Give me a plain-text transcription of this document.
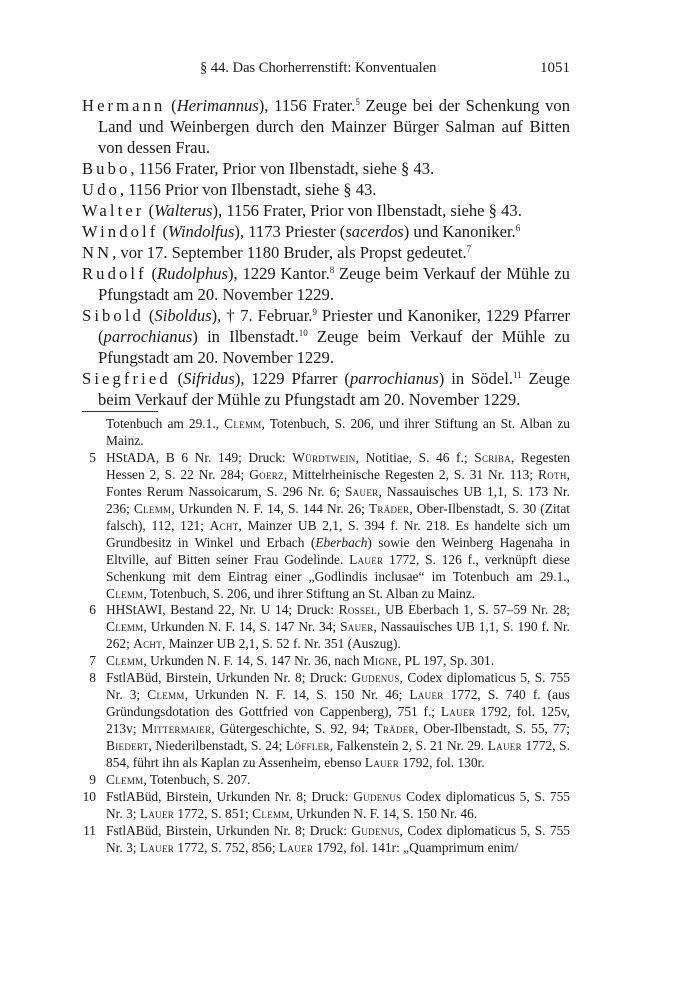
§ 44. Das Chorherrenstift: Konventualen	1051
Hermann (Herimannus), 1156 Frater.$^5$ Zeuge bei der Schenkung von Land und Weinbergen durch den Mainzer Bürger Salman auf Bitten von dessen Frau.
Bubo, 1156 Frater, Prior von Ilbenstadt, siehe § 43.
Udo, 1156 Prior von Ilbenstadt, siehe § 43.
Walter (Walterus), 1156 Frater, Prior von Ilbenstadt, siehe § 43.
Windolf (Windolfus), 1173 Priester (sacerdos) und Kanoniker.$^6$
NN, vor 17. September 1180 Bruder, als Propst gedeutet.$^7$
Rudolf (Rudolphus), 1229 Kantor.$^8$ Zeuge beim Verkauf der Mühle zu Pfungstadt am 20. November 1229.
Sibold (Siboldus), † 7. Februar.$^9$ Priester und Kanoniker, 1229 Pfarrer (parrochianus) in Ilbenstadt.$^{10}$ Zeuge beim Verkauf der Mühle zu Pfungstadt am 20. November 1229.
Siegfried (Sifridus), 1229 Pfarrer (parrochianus) in Södel.$^{11}$ Zeuge beim Verkauf der Mühle zu Pfungstadt am 20. November 1229.
Totenbuch am 29.1., Clemm, Totenbuch, S. 206, und ihrer Stiftung an St. Alban zu Mainz.
5 HStADA, B 6 Nr. 149; Druck: Würdtwein, Notitiae, S. 46 f.; Scriba, Regesten Hessen 2, S. 22 Nr. 284; Goerz, Mittelrheinische Regesten 2, S. 31 Nr. 113; Roth, Fontes Rerum Nassoicarum, S. 296 Nr. 6; Sauer, Nassauisches UB 1,1, S. 173 Nr. 236; Clemm, Urkunden N. F. 14, S. 144 Nr. 26; Träder, Ober-Ilbenstadt, S. 30 (Zitat falsch), 112, 121; Acht, Mainzer UB 2,1, S. 394 f. Nr. 218. Es handelte sich um Grundbesitz in Winkel und Erbach (Eberbach) sowie den Weinberg Hagenaha in Eltville, auf Bitten seiner Frau Godelinde. Lauer 1772, S. 126 f., verknüpft diese Schenkung mit dem Eintrag einer „Godlindis inclusae“ im Totenbuch am 29.1., Clemm, Totenbuch, S. 206, und ihrer Stiftung an St. Alban zu Mainz.
6 HHStAWI, Bestand 22, Nr. U 14; Druck: Rossel, UB Eberbach 1, S. 57–59 Nr. 28; Clemm, Urkunden N. F. 14, S. 147 Nr. 34; Sauer, Nassauisches UB 1,1, S. 190 f. Nr. 262; Acht, Mainzer UB 2,1, S. 52 f. Nr. 351 (Auszug).
7 Clemm, Urkunden N. F. 14, S. 147 Nr. 36, nach Migne, PL 197, Sp. 301.
8 FstlABüd, Birstein, Urkunden Nr. 8; Druck: Gudenus, Codex diplomaticus 5, S. 755 Nr. 3; Clemm, Urkunden N. F. 14, S. 150 Nr. 46; Lauer 1772, S. 740 f. (aus Gründungsdotation des Gottfried von Cappenberg), 751 f.; Lauer 1792, fol. 125v, 213v; Mittermaier, Gütergeschichte, S. 92, 94; Träder, Ober-Ilbenstadt, S. 55, 77; Biedert, Niederilbenstadt, S. 24; Löffler, Falkenstein 2, S. 21 Nr. 29. Lauer 1772, S. 854, führt ihn als Kaplan zu Assenheim, ebenso Lauer 1792, fol. 130r.
9 Clemm, Totenbuch, S. 207.
10 FstlABüd, Birstein, Urkunden Nr. 8; Druck: Gudenus Codex diplomaticus 5, S. 755 Nr. 3; Lauer 1772, S. 851; Clemm, Urkunden N. F. 14, S. 150 Nr. 46.
11 FstlABüd, Birstein, Urkunden Nr. 8; Druck: Gudenus, Codex diplomaticus 5, S. 755 Nr. 3; Lauer 1772, S. 752, 856; Lauer 1792, fol. 141r: „Quamprimum enim/
